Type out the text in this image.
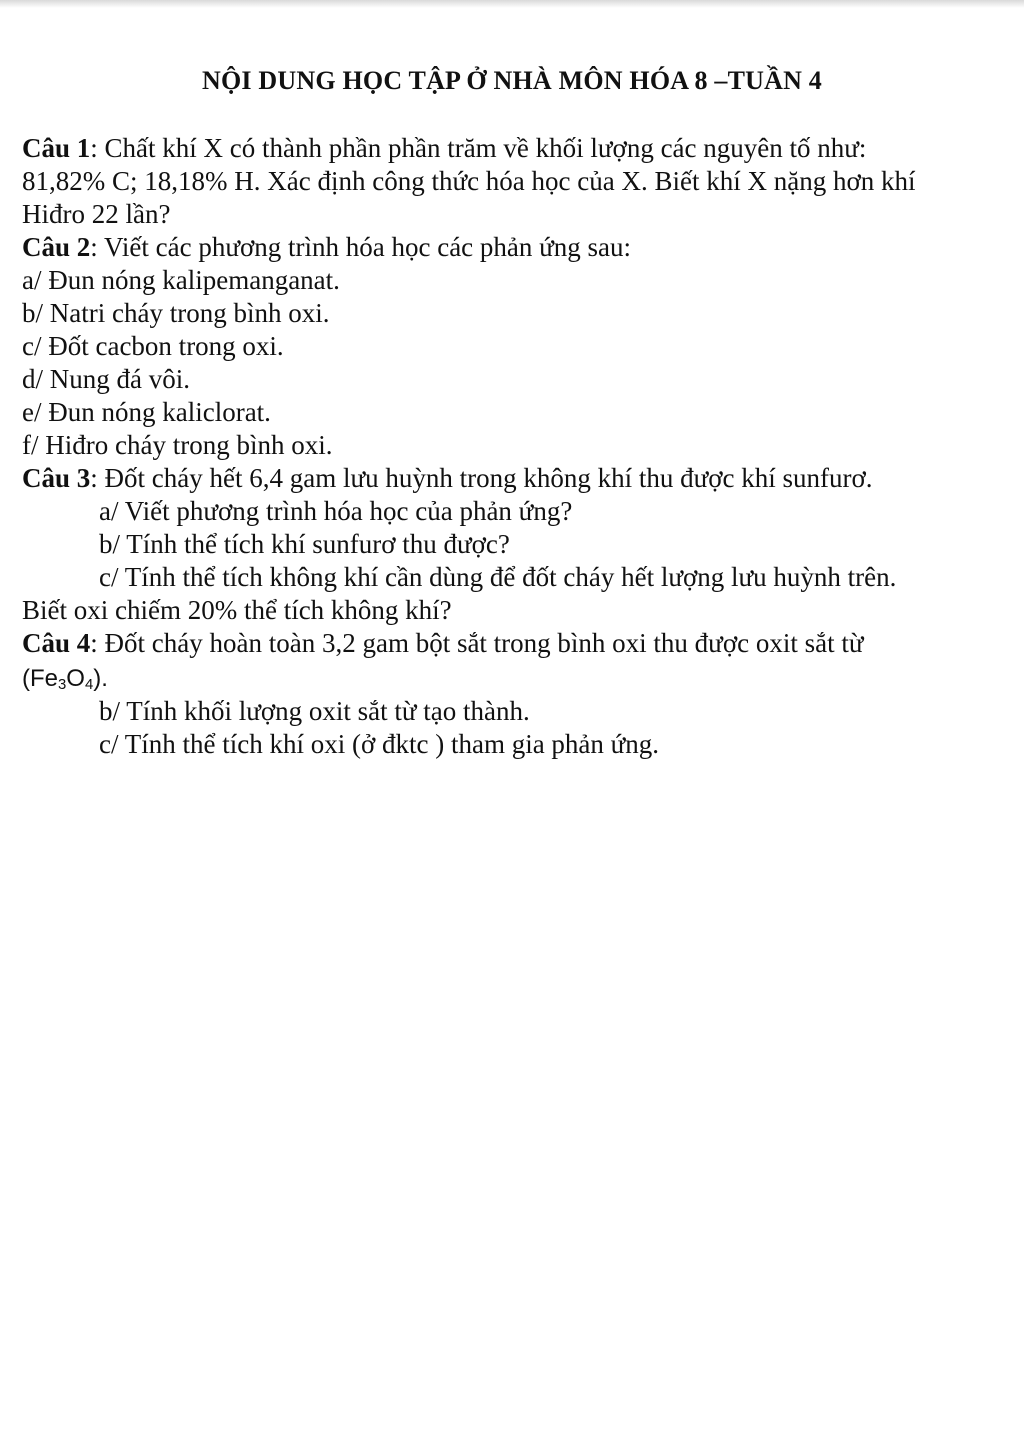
NỘI DUNG HỌC TẬP Ở NHÀ MÔN HÓA 8 –TUẦN 4
Câu 1: Chất khí X có thành phần phần trăm về khối lượng các nguyên tố như:
81,82% C; 18,18% H. Xác định công thức hóa học của X. Biết khí X nặng hơn khí
Hiđro 22 lần?
Câu 2: Viết các phương trình hóa học các phản ứng sau:
a/ Đun nóng kalipemanganat.
b/ Natri cháy trong bình oxi.
c/ Đốt cacbon trong oxi.
d/ Nung đá vôi.
e/ Đun nóng kaliclorat.
f/ Hiđro cháy trong bình oxi.
Câu 3: Đốt cháy hết 6,4 gam lưu huỳnh trong không khí thu được khí sunfurơ.
a/ Viết phương trình hóa học của phản ứng?
b/ Tính thể tích khí sunfurơ thu được?
c/ Tính thể tích không khí cần dùng để đốt cháy hết lượng lưu huỳnh trên.
Biết oxi chiếm 20% thể tích không khí?
Câu 4: Đốt cháy hoàn toàn 3,2 gam bột sắt trong bình oxi thu được oxit sắt từ
$(Fe_3O_4)$.
b/ Tính khối lượng oxit sắt từ tạo thành.
c/ Tính thể tích khí oxi (ở đktc ) tham gia phản ứng.
